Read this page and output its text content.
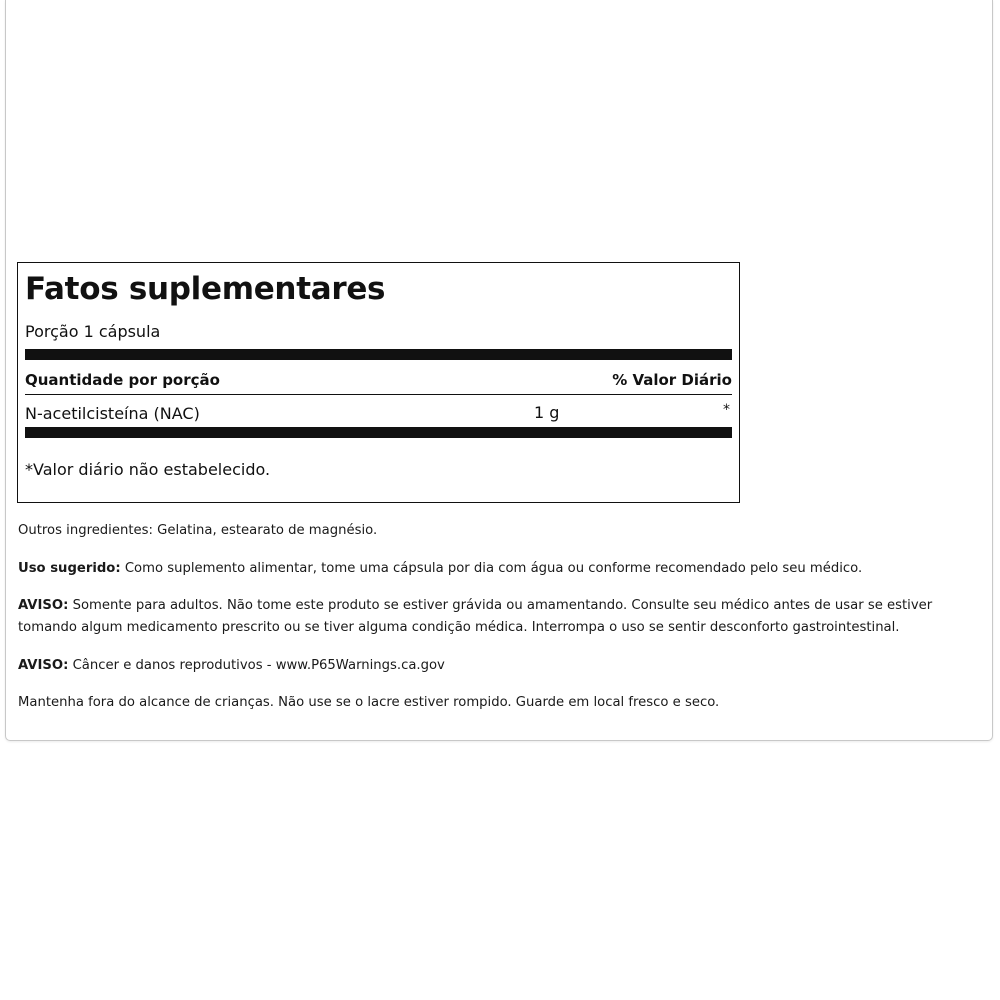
Fatos suplementares
Porção 1 cápsula
Quantidade por porção	% Valor Diário
N-acetilcisteína (NAC)	1 g	*
*Valor diário não estabelecido.
Outros ingredientes: Gelatina, estearato de magnésio.
Uso sugerido: Como suplemento alimentar, tome uma cápsula por dia com água ou conforme recomendado pelo seu médico.
AVISO: Somente para adultos. Não tome este produto se estiver grávida ou amamentando. Consulte seu médico antes de usar se estiver tomando algum medicamento prescrito ou se tiver alguma condição médica. Interrompa o uso se sentir desconforto gastrointestinal.
AVISO: Câncer e danos reprodutivos - www.P65Warnings.ca.gov
Mantenha fora do alcance de crianças. Não use se o lacre estiver rompido. Guarde em local fresco e seco.
